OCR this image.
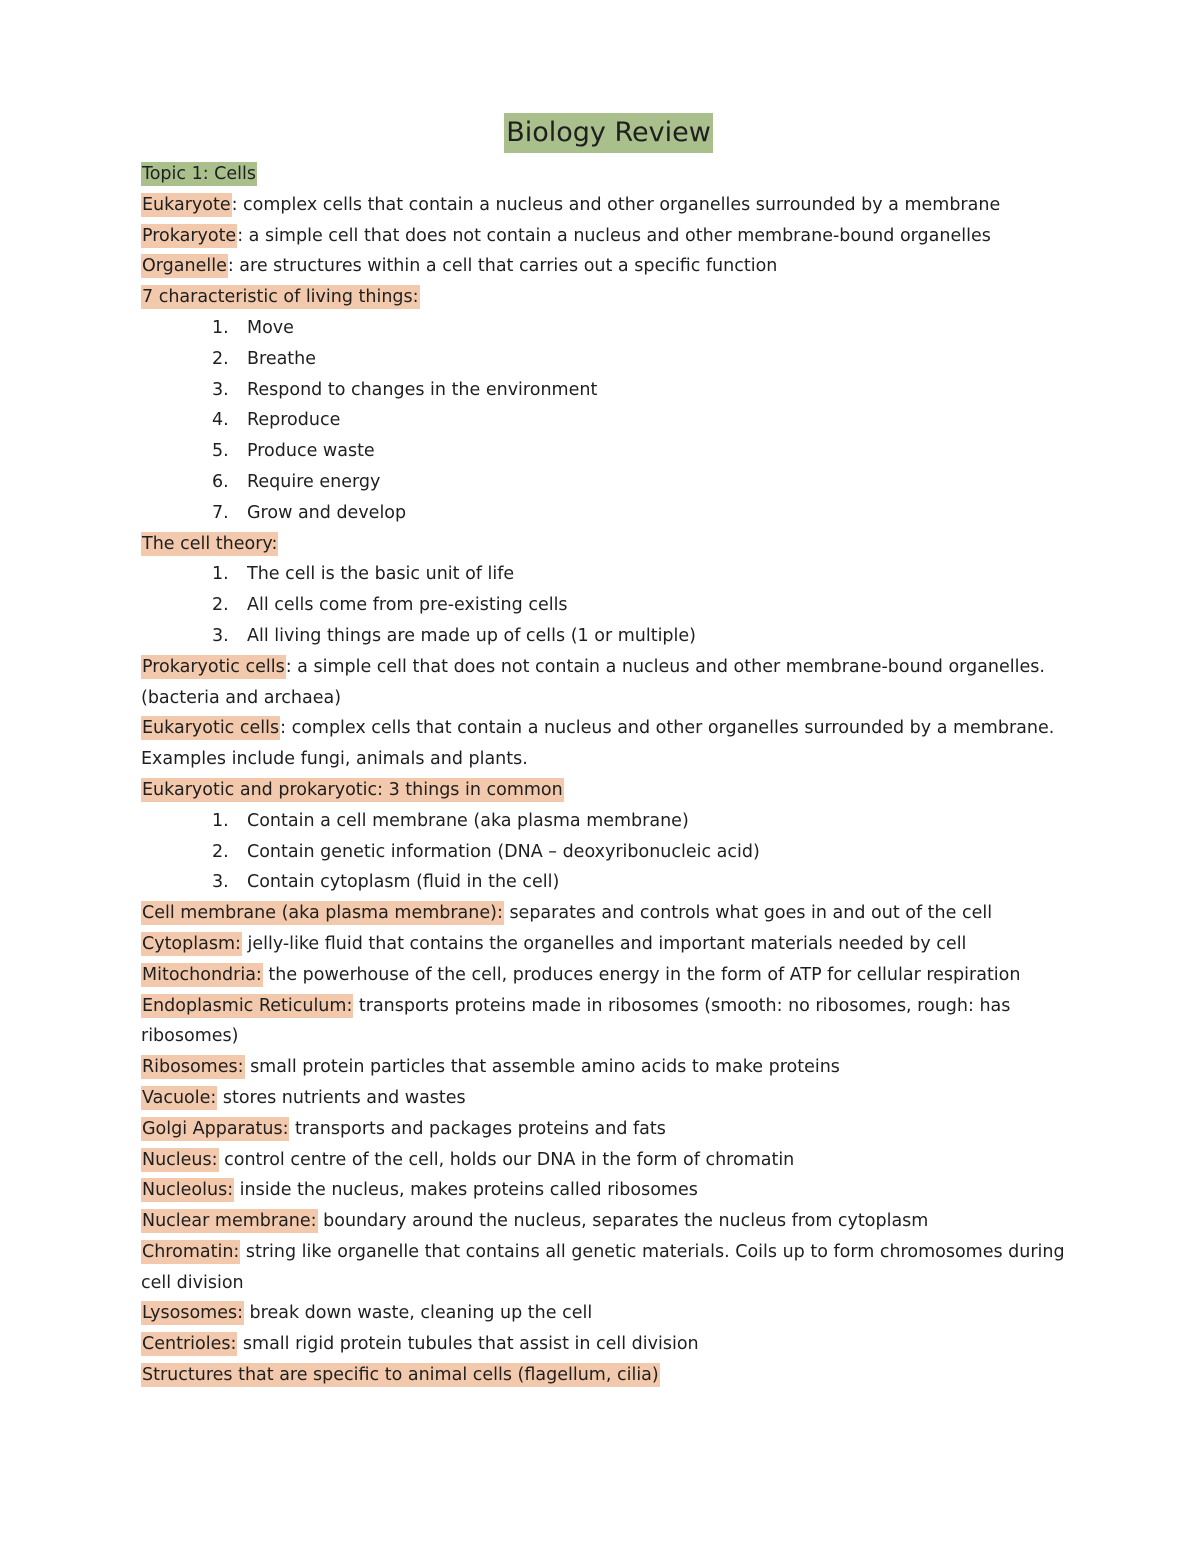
Biology Review
Topic 1: Cells
Eukaryote: complex cells that contain a nucleus and other organelles surrounded by a membrane
Prokaryote: a simple cell that does not contain a nucleus and other membrane-bound organelles
Organelle: are structures within a cell that carries out a specific function
7 characteristic of living things:
1.	Move
2.	Breathe
3.	Respond to changes in the environment
4.	Reproduce
5.	Produce waste
6.	Require energy
7.	Grow and develop
The cell theory:
1.	The cell is the basic unit of life
2.	All cells come from pre-existing cells
3.	All living things are made up of cells (1 or multiple)
Prokaryotic cells: a simple cell that does not contain a nucleus and other membrane-bound organelles. (bacteria and archaea)
Eukaryotic cells: complex cells that contain a nucleus and other organelles surrounded by a membrane. Examples include fungi, animals and plants.
Eukaryotic and prokaryotic: 3 things in common
1.	Contain a cell membrane (aka plasma membrane)
2.	Contain genetic information (DNA – deoxyribonucleic acid)
3.	Contain cytoplasm (fluid in the cell)
Cell membrane (aka plasma membrane): separates and controls what goes in and out of the cell
Cytoplasm: jelly-like fluid that contains the organelles and important materials needed by cell
Mitochondria: the powerhouse of the cell, produces energy in the form of ATP for cellular respiration
Endoplasmic Reticulum: transports proteins made in ribosomes (smooth: no ribosomes, rough: has ribosomes)
Ribosomes: small protein particles that assemble amino acids to make proteins
Vacuole: stores nutrients and wastes
Golgi Apparatus: transports and packages proteins and fats
Nucleus: control centre of the cell, holds our DNA in the form of chromatin
Nucleolus: inside the nucleus, makes proteins called ribosomes
Nuclear membrane: boundary around the nucleus, separates the nucleus from cytoplasm
Chromatin: string like organelle that contains all genetic materials. Coils up to form chromosomes during cell division
Lysosomes: break down waste, cleaning up the cell
Centrioles: small rigid protein tubules that assist in cell division
Structures that are specific to animal cells (flagellum, cilia)
